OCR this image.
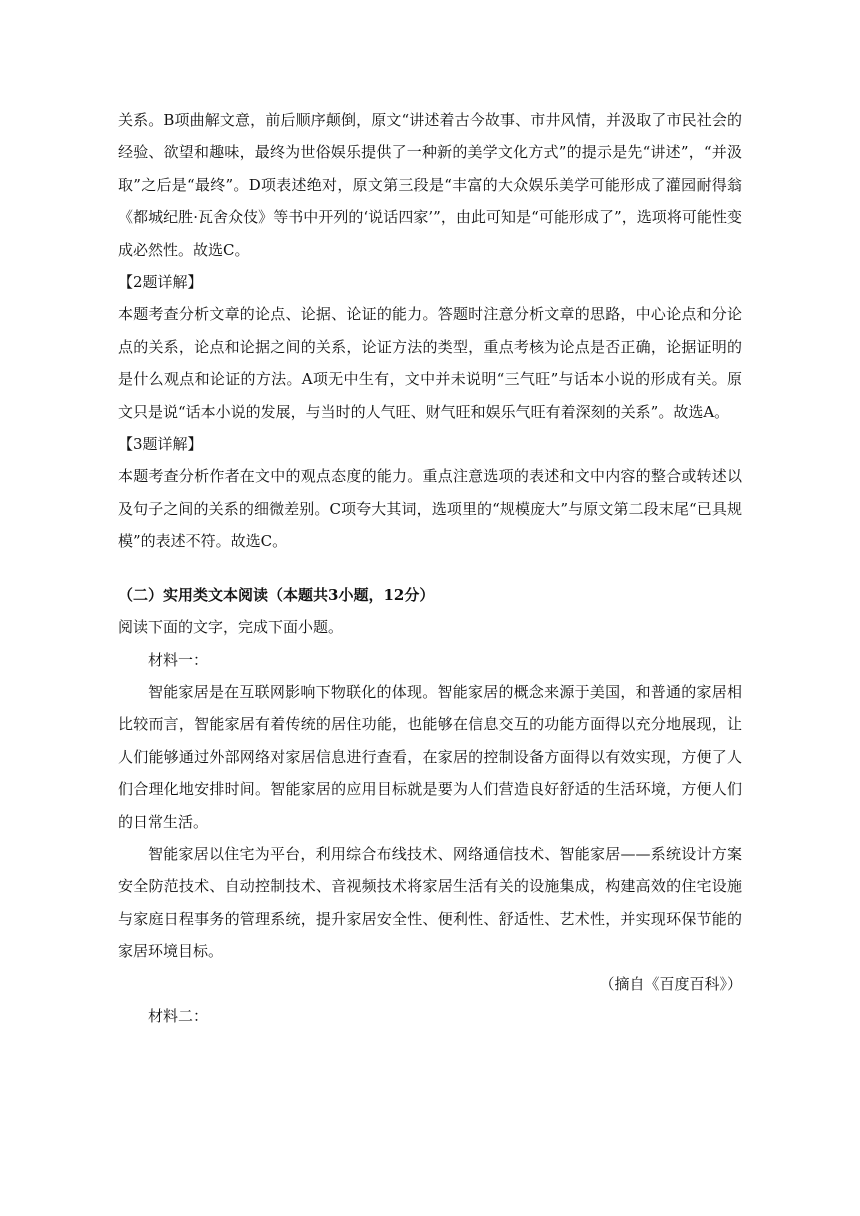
关系。B项曲解文意，前后顺序颠倒，原文“讲述着古今故事、市井风情，并汲取了市民社会的经验、欲望和趣味，最终为世俗娱乐提供了一种新的美学文化方式”的提示是先“讲述”，“并汲取”之后是“最终”。D项表述绝对，原文第三段是“丰富的大众娱乐美学可能形成了灌园耐得翁《都城纪胜·瓦舍众伎》等书中开列的‘说话四家’”，由此可知是“可能形成了”，选项将可能性变成必然性。故选C。

【2题详解】

本题考查分析文章的论点、论据、论证的能力。答题时注意分析文章的思路，中心论点和分论点的关系，论点和论据之间的关系，论证方法的类型，重点考核为论点是否正确，论据证明的是什么观点和论证的方法。A项无中生有，文中并未说明“三气旺”与话本小说的形成有关。原文只是说“话本小说的发展，与当时的人气旺、财气旺和娱乐气旺有着深刻的关系”。故选A。

【3题详解】

本题考查分析作者在文中的观点态度的能力。重点注意选项的表述和文中内容的整合或转述以及句子之间的关系的细微差别。C项夸大其词，选项里的“规模庞大”与原文第二段末尾“已具规模”的表述不符。故选C。

（二）实用类文本阅读（本题共3小题，12分）

阅读下面的文字，完成下面小题。

材料一：

智能家居是在互联网影响下物联化的体现。智能家居的概念来源于美国，和普通的家居相比较而言，智能家居有着传统的居住功能，也能够在信息交互的功能方面得以充分地展现，让人们能够通过外部网络对家居信息进行查看，在家居的控制设备方面得以有效实现，方便了人们合理化地安排时间。智能家居的应用目标就是要为人们营造良好舒适的生活环境，方便人们的日常生活。

智能家居以住宅为平台，利用综合布线技术、网络通信技术、智能家居——系统设计方案安全防范技术、自动控制技术、音视频技术将家居生活有关的设施集成，构建高效的住宅设施与家庭日程事务的管理系统，提升家居安全性、便利性、舒适性、艺术性，并实现环保节能的家居环境目标。

（摘自《百度百科》）

材料二：
